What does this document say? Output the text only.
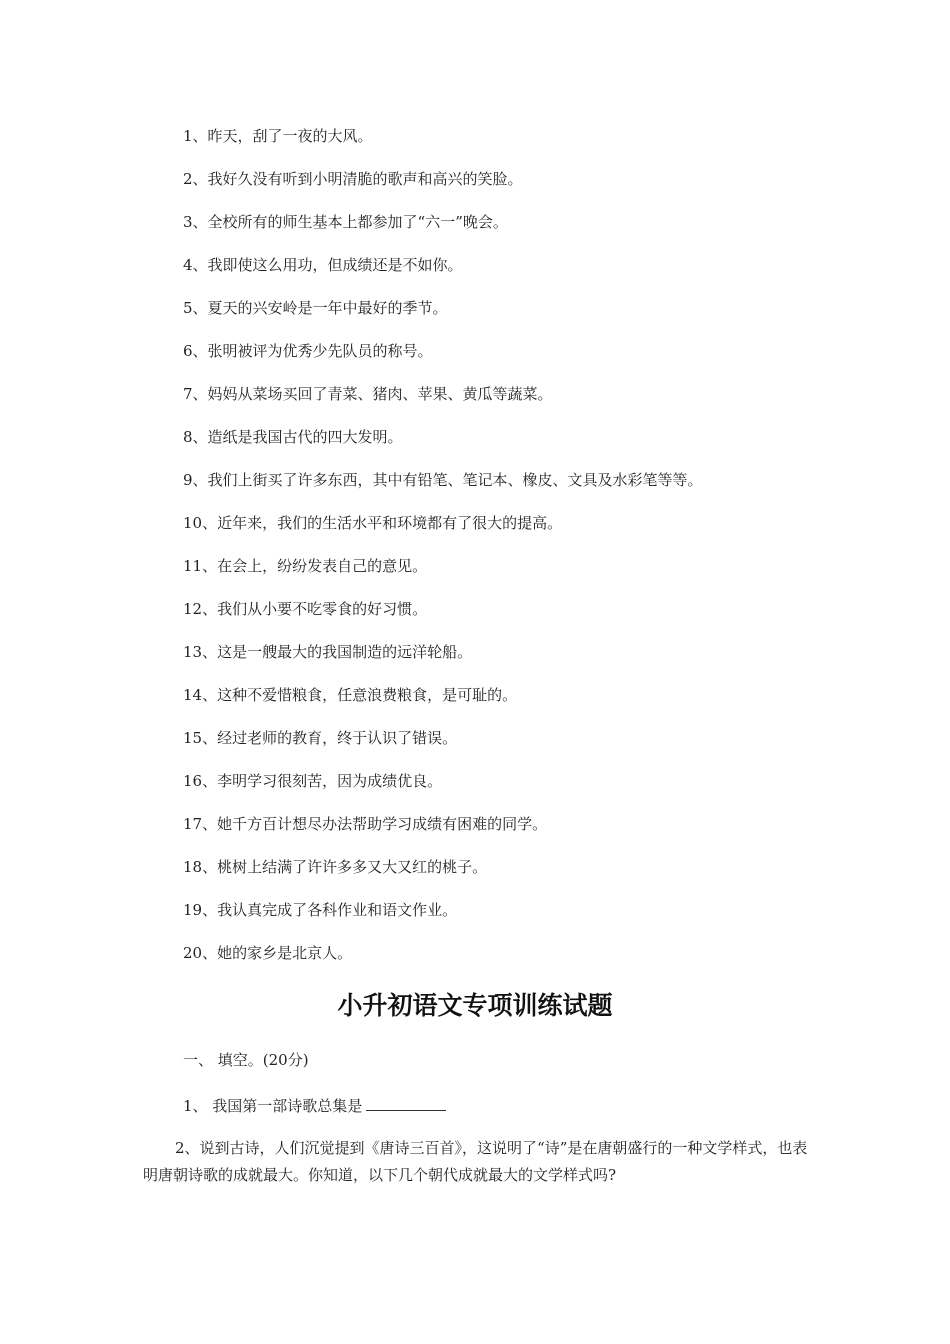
1、昨天，刮了一夜的大风。
2、我好久没有听到小明清脆的歌声和高兴的笑脸。
3、全校所有的师生基本上都参加了“六一”晚会。
4、我即使这么用功，但成绩还是不如你。
5、夏天的兴安岭是一年中最好的季节。
6、张明被评为优秀少先队员的称号。
7、妈妈从菜场买回了青菜、猪肉、苹果、黄瓜等蔬菜。
8、造纸是我国古代的四大发明。
9、我们上街买了许多东西，其中有铅笔、笔记本、橡皮、文具及水彩笔等等。
10、近年来，我们的生活水平和环境都有了很大的提高。
11、在会上，纷纷发表自己的意见。
12、我们从小要不吃零食的好习惯。
13、这是一艘最大的我国制造的远洋轮船。
14、这种不爱惜粮食，任意浪费粮食，是可耻的。
15、经过老师的教育，终于认识了错误。
16、李明学习很刻苦，因为成绩优良。
17、她千方百计想尽办法帮助学习成绩有困难的同学。
18、桃树上结满了许许多多又大又红的桃子。
19、我认真完成了各科作业和语文作业。
20、她的家乡是北京人。
小升初语文专项训练试题
一、 填空。(20分)
1、 我国第一部诗歌总集是

2、说到古诗，人们沉觉提到《唐诗三百首》，这说明了“诗”是在唐朝盛行的一种文学样式，也表明唐朝诗歌的成就最大。你知道，以下几个朝代成就最大的文学样式吗?
